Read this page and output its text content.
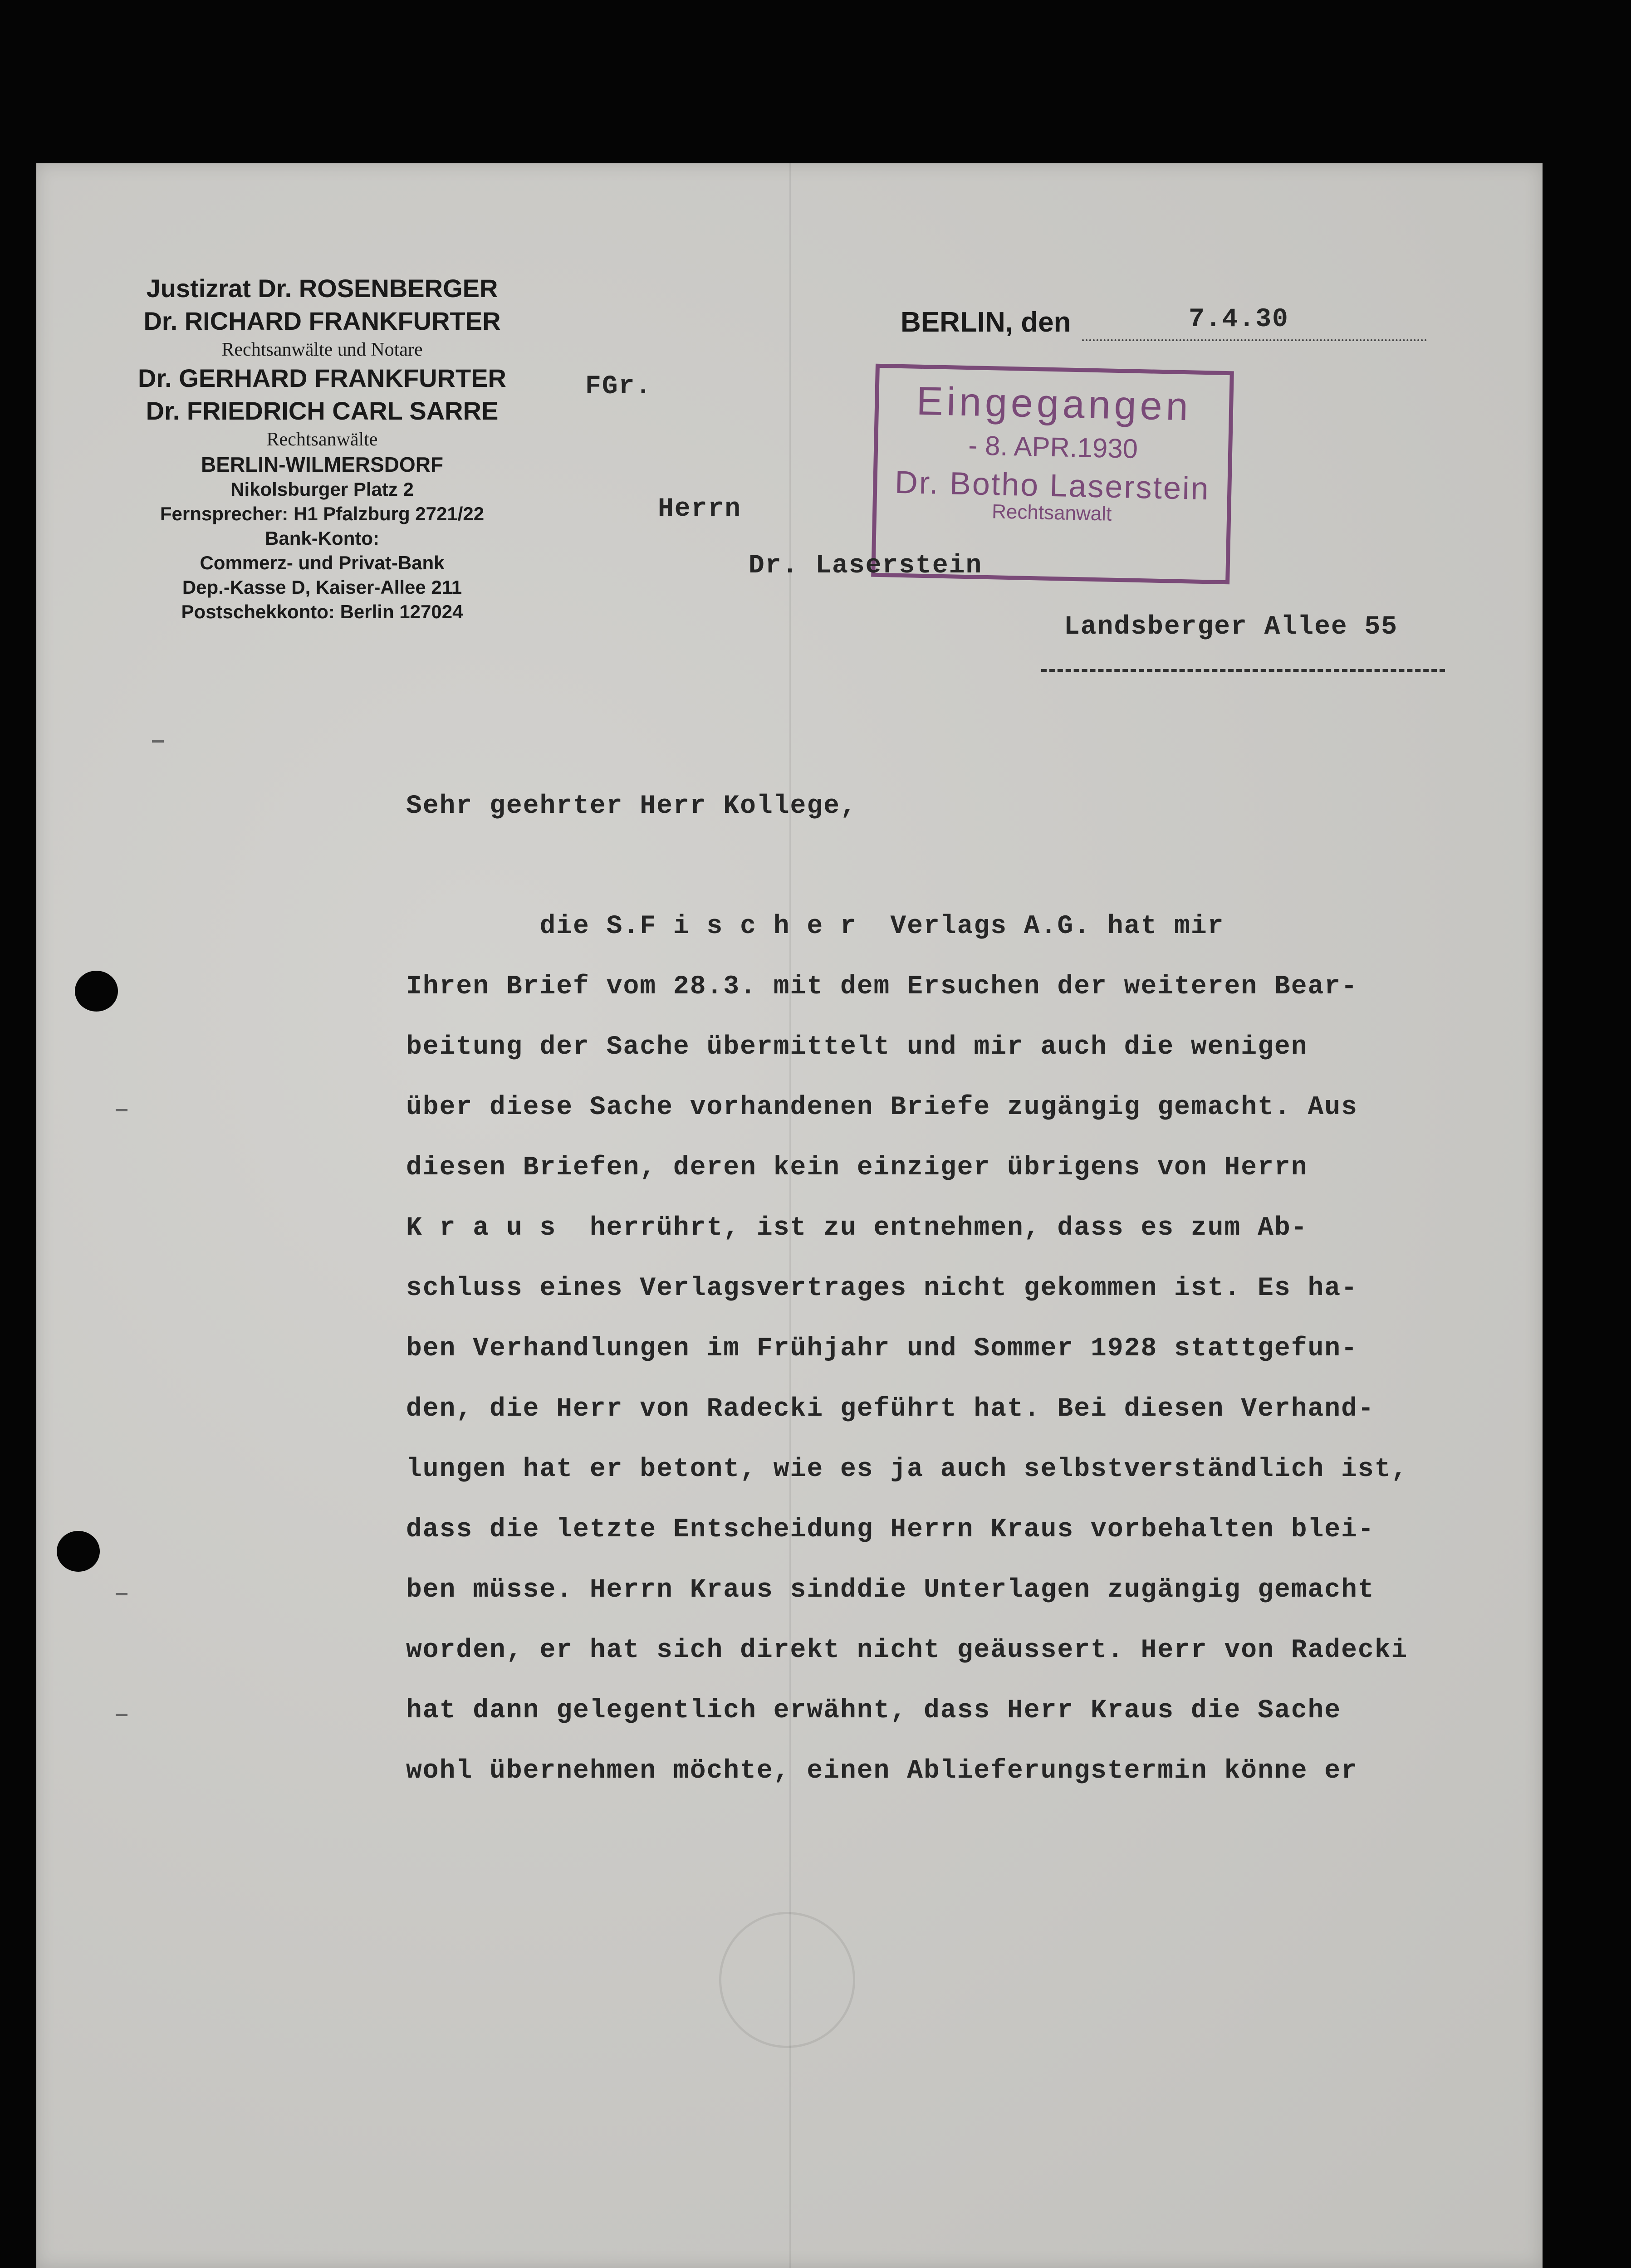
Justizrat Dr. ROSENBERGER
Dr. RICHARD FRANKFURTER
Rechtsanwälte und Notare
Dr. GERHARD FRANKFURTER
Dr. FRIEDRICH CARL SARRE
Rechtsanwälte
BERLIN-WILMERSDORF
Nikolsburger Platz 2
Fernsprecher: H1 Pfalzburg 2721/22
Bank-Konto:
Commerz- und Privat-Bank
Dep.-Kasse D, Kaiser-Allee 211
Postschekkonto: Berlin 127024
BERLIN, den	7.4.30
FGr.	Eingegangen
- 8. APR.1930
Dr. Botho Laserstein
Rechtsanwalt
Herrn
Dr. Laserstein
Landsberger Allee 55
Sehr geehrter Herr Kollege,
die S.F i s c h e r  Verlags A.G. hat mir
Ihren Brief vom 28.3. mit dem Ersuchen der weiteren Bear-
beitung der Sache übermittelt und mir auch die wenigen
über diese Sache vorhandenen Briefe zugängig gemacht. Aus
diesen Briefen, deren kein einziger übrigens von Herrn
K r a u s  herrührt, ist zu entnehmen, dass es zum Ab-
schluss eines Verlagsvertrages nicht gekommen ist. Es ha-
ben Verhandlungen im Frühjahr und Sommer 1928 stattgefun-
den, die Herr von Radecki geführt hat. Bei diesen Verhand-
lungen hat er betont, wie es ja auch selbstverständlich ist,
dass die letzte Entscheidung Herrn Kraus vorbehalten blei-
ben müsse. Herrn Kraus sinddie Unterlagen zugängig gemacht
worden, er hat sich direkt nicht geäussert. Herr von Radecki
hat dann gelegentlich erwähnt, dass Herr Kraus die Sache
wohl übernehmen möchte, einen Ablieferungstermin könne er
